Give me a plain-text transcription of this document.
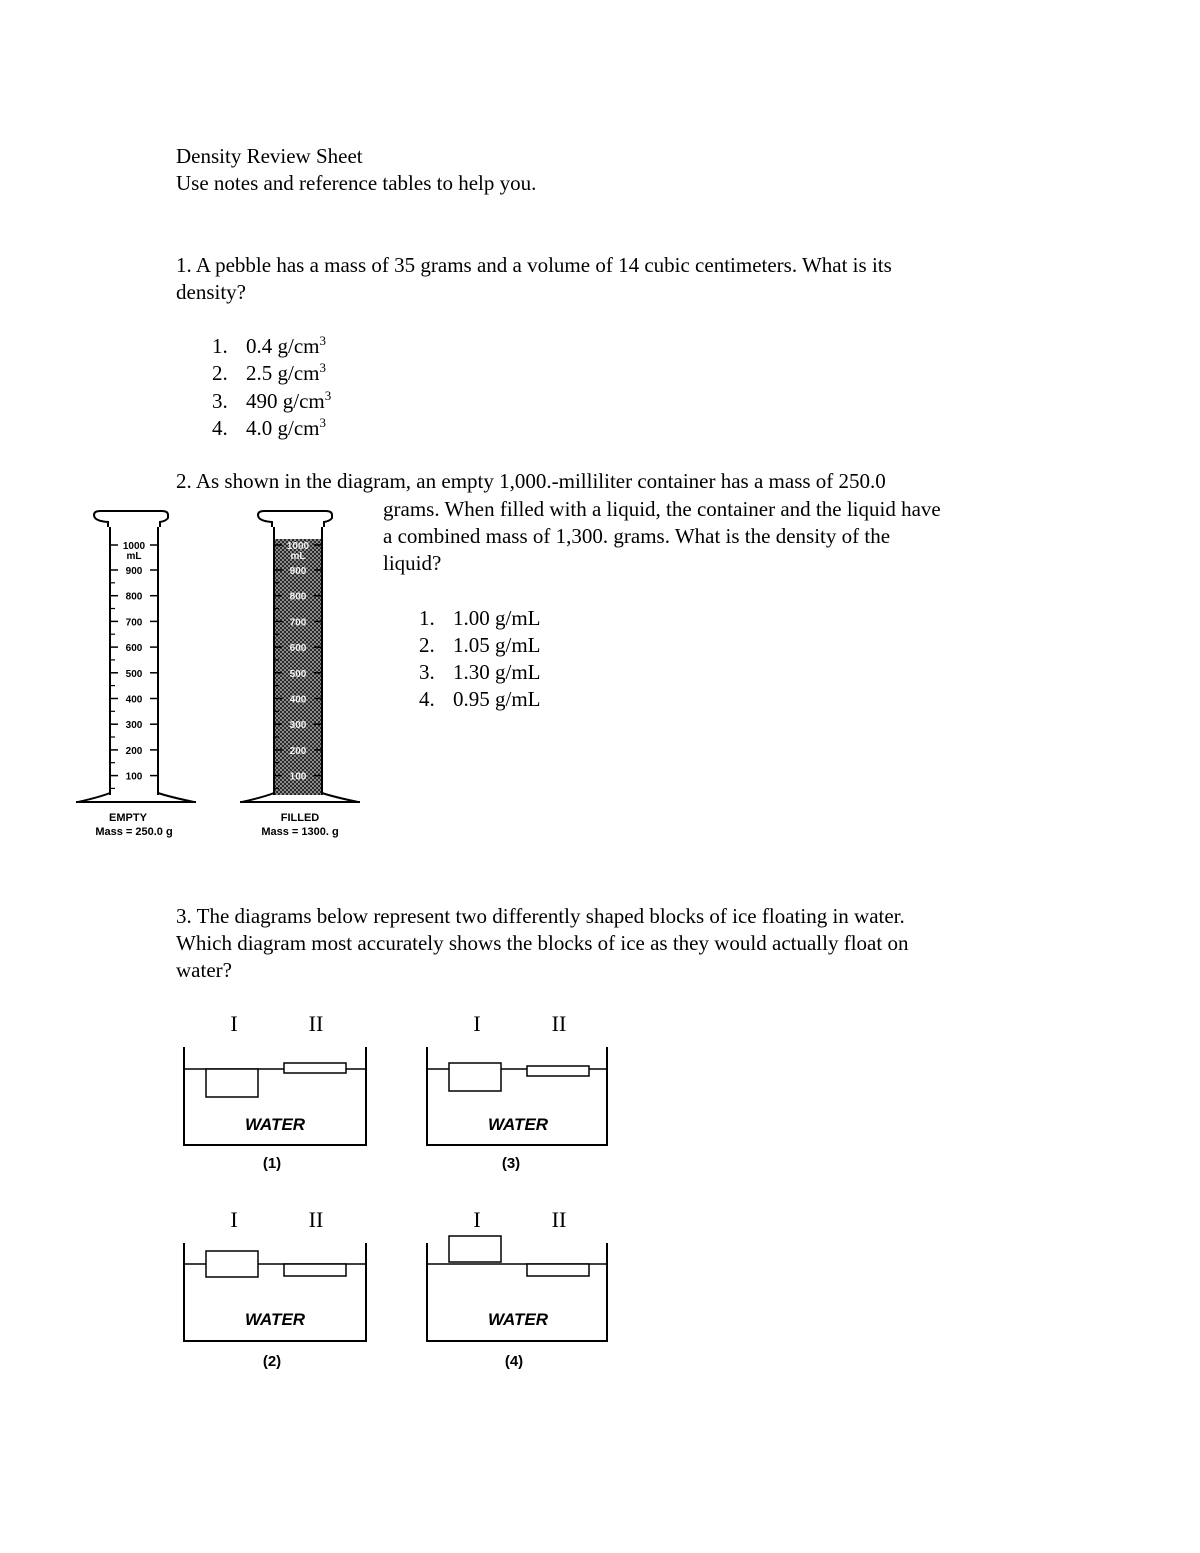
Density Review Sheet
Use notes and reference tables to help you.
1. A pebble has a mass of 35 grams and a volume of 14 cubic centimeters. What is its
density?
1. 0.4 $g/cm^3$
2. 2.5 $g/cm^3$
3. 490 $g/cm^3$
4. 4.0 $g/cm^3$
2. As shown in the diagram, an empty 1,000.-milliliter container has a mass of 250.0
grams. When filled with a liquid, the container and the liquid have
a combined mass of 1,300. grams. What is the density of the
liquid?
1. 1.00 g/mL
2. 1.05 g/mL
3. 1.30 g/mL
4. 0.95 g/mL
1000
mL
900
800
700
600
500
400
300
200
100
1000
mL
900
800
700
600
500
400
300
200
100
EMPTY
Mass = 250.0 g
FILLED
Mass = 1300. g
3. The diagrams below represent two differently shaped blocks of ice floating in water.
Which diagram most accurately shows the blocks of ice as they would actually float on
water?
I	II
WATER
(1)
I	II
WATER
(3)
I	II
WATER
(2)
I	II
WATER
(4)
